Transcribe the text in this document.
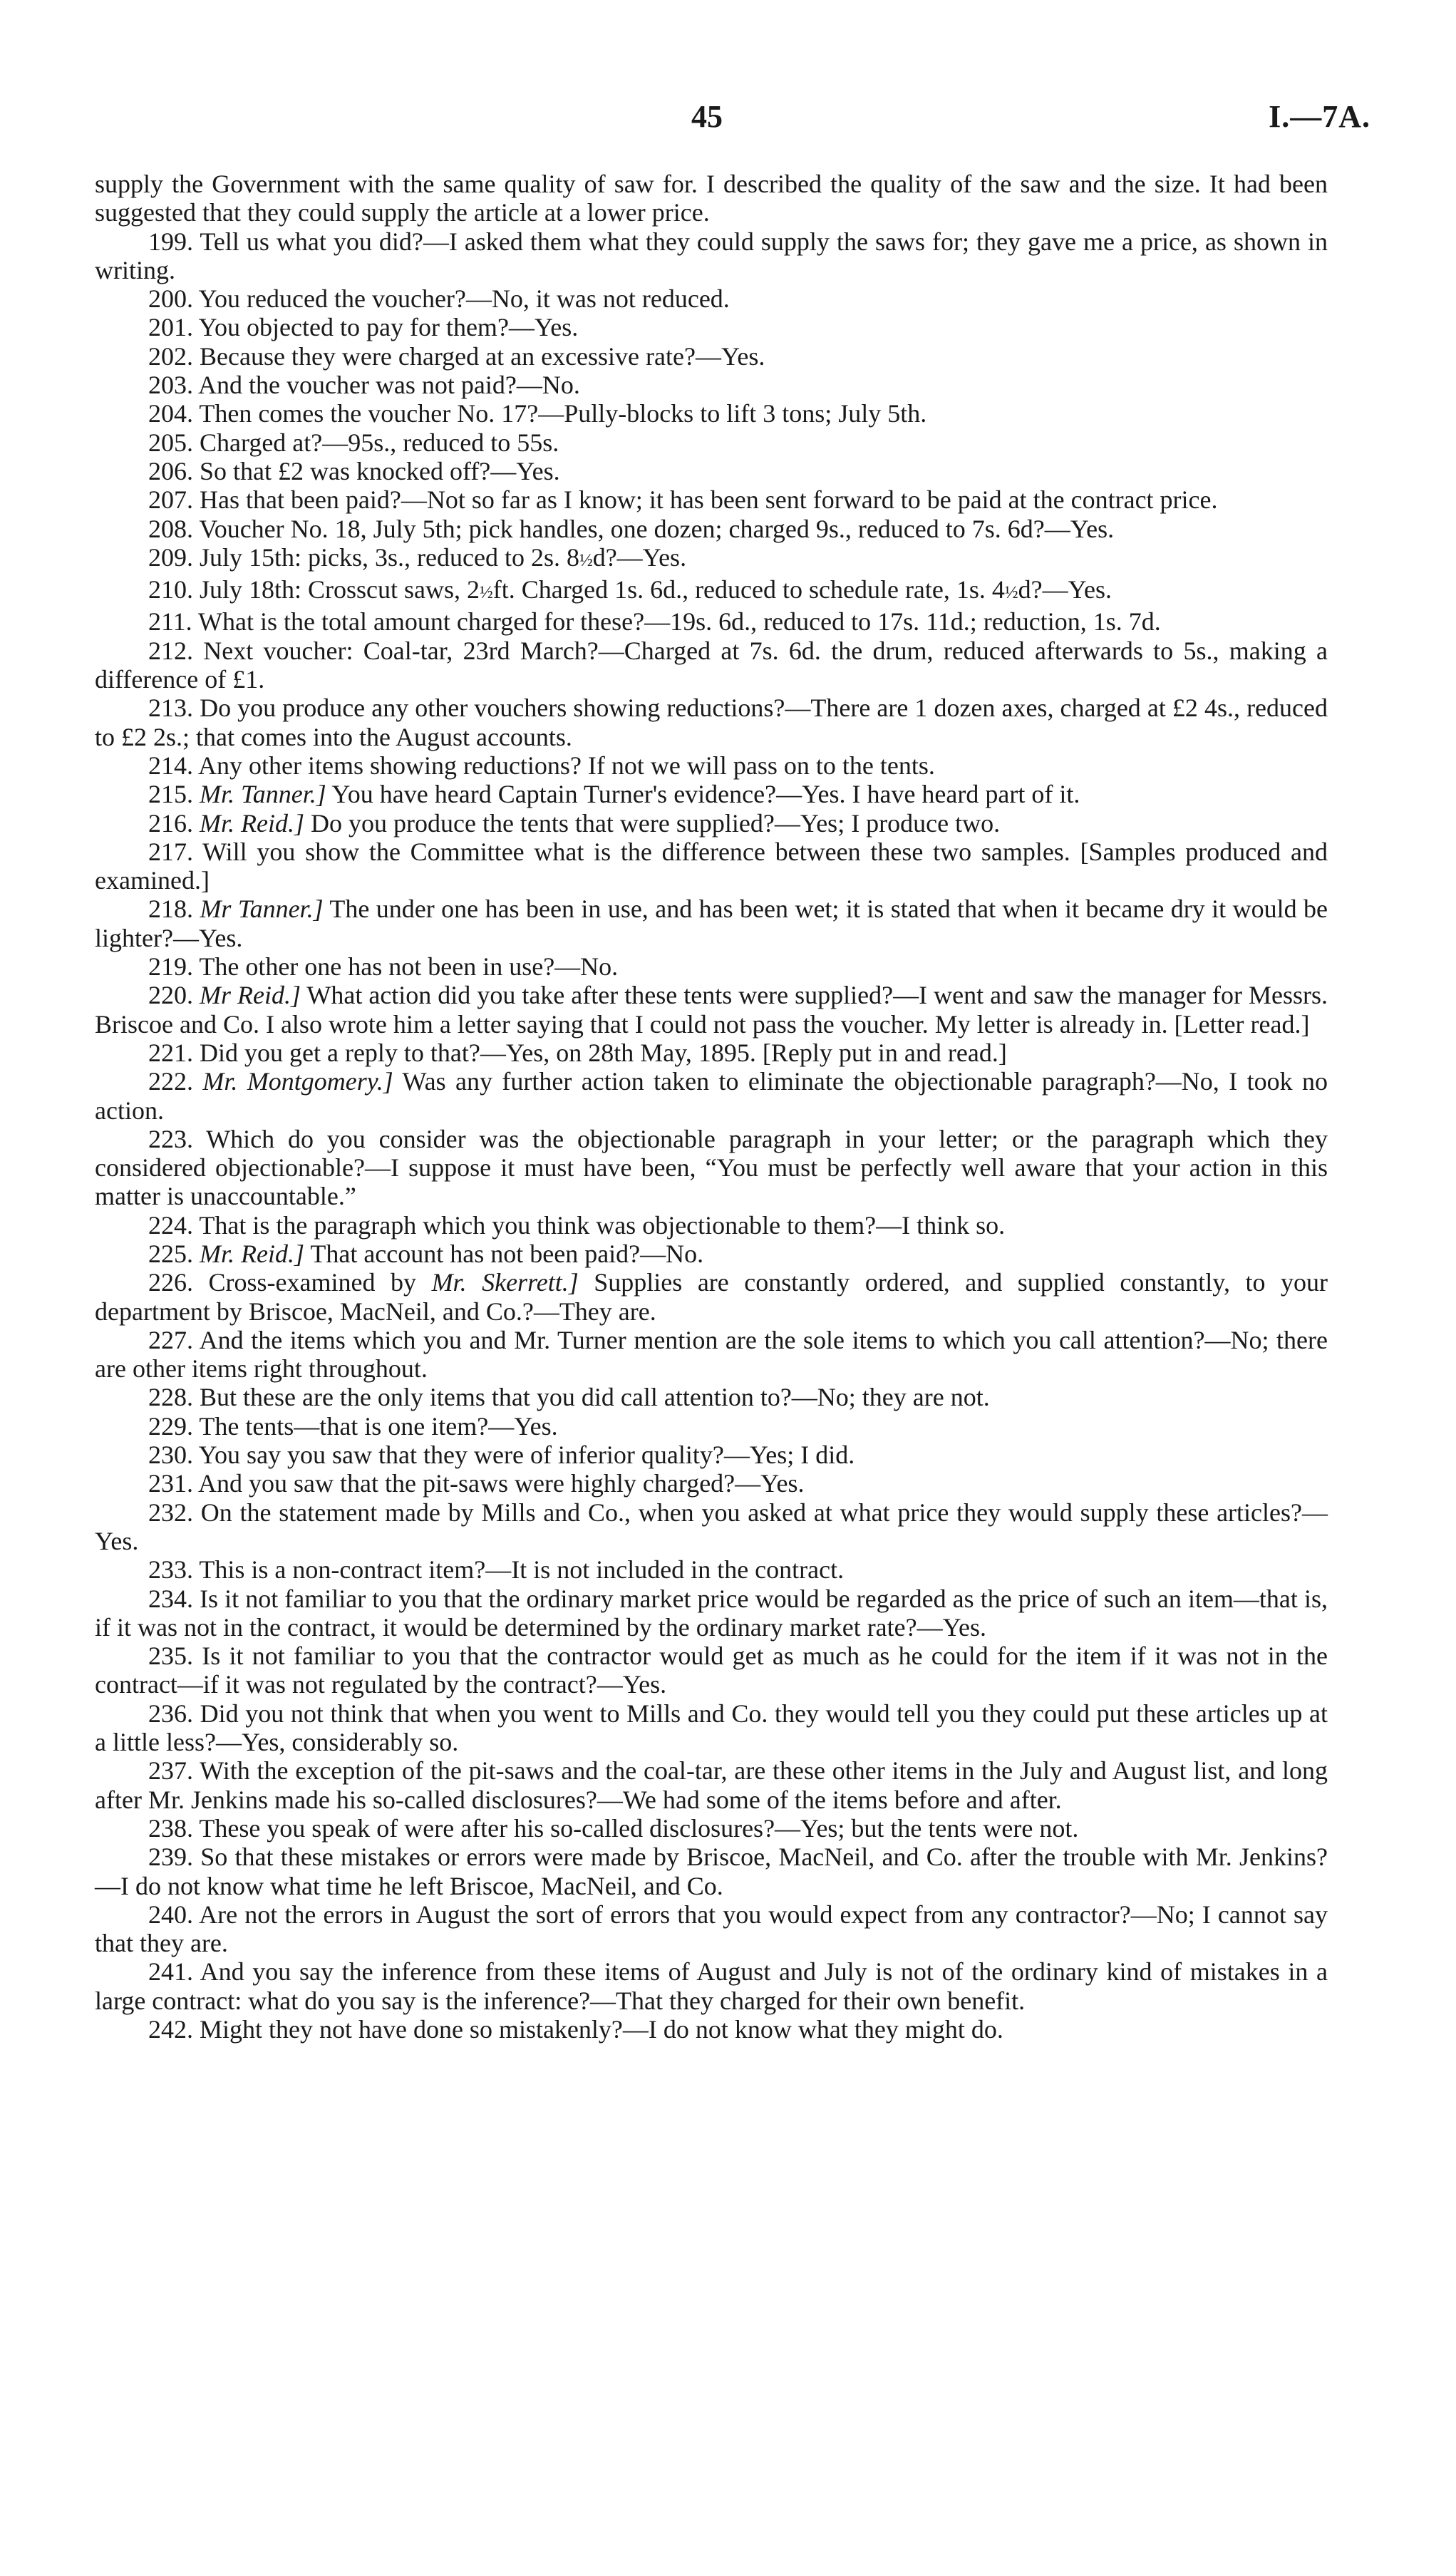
45	I.—7A.

supply the Government with the same quality of saw for. I described the quality of the saw and the size. It had been suggested that they could supply the article at a lower price.

199. Tell us what you did?—I asked them what they could supply the saws for; they gave me a price, as shown in writing.

200. You reduced the voucher?—No, it was not reduced.

201. You objected to pay for them?—Yes.

202. Because they were charged at an excessive rate?—Yes.

203. And the voucher was not paid?—No.

204. Then comes the voucher No. 17?—Pully-blocks to lift 3 tons; July 5th.

205. Charged at?—95s., reduced to 55s.

206. So that £2 was knocked off?—Yes.

207. Has that been paid?—Not so far as I know; it has been sent forward to be paid at the contract price.

208. Voucher No. 18, July 5th; pick handles, one dozen; charged 9s., reduced to 7s. 6d?—Yes.

209. July 15th: picks, 3s., reduced to 2s. 8½d?—Yes.

210. July 18th: Crosscut saws, 2½ft. Charged 1s. 6d., reduced to schedule rate, 1s. 4½d?—Yes.

211. What is the total amount charged for these?—19s. 6d., reduced to 17s. 11d.; reduction, 1s. 7d.

212. Next voucher: Coal-tar, 23rd March?—Charged at 7s. 6d. the drum, reduced afterwards to 5s., making a difference of £1.

213. Do you produce any other vouchers showing reductions?—There are 1 dozen axes, charged at £2 4s., reduced to £2 2s.; that comes into the August accounts.

214. Any other items showing reductions? If not we will pass on to the tents.

215. Mr. Tanner.] You have heard Captain Turner's evidence?—Yes. I have heard part of it.

216. Mr. Reid.] Do you produce the tents that were supplied?—Yes; I produce two.

217. Will you show the Committee what is the difference between these two samples. [Samples produced and examined.]

218. Mr Tanner.] The under one has been in use, and has been wet; it is stated that when it became dry it would be lighter?—Yes.

219. The other one has not been in use?—No.

220. Mr Reid.] What action did you take after these tents were supplied?—I went and saw the manager for Messrs. Briscoe and Co. I also wrote him a letter saying that I could not pass the voucher. My letter is already in. [Letter read.]

221. Did you get a reply to that?—Yes, on 28th May, 1895. [Reply put in and read.]

222. Mr. Montgomery.] Was any further action taken to eliminate the objectionable paragraph?—No, I took no action.

223. Which do you consider was the objectionable paragraph in your letter; or the paragraph which they considered objectionable?—I suppose it must have been, “You must be perfectly well aware that your action in this matter is unaccountable.”

224. That is the paragraph which you think was objectionable to them?—I think so.

225. Mr. Reid.] That account has not been paid?—No.

226. Cross-examined by Mr. Skerrett.] Supplies are constantly ordered, and supplied constantly, to your department by Briscoe, MacNeil, and Co.?—They are.

227. And the items which you and Mr. Turner mention are the sole items to which you call attention?—No; there are other items right throughout.

228. But these are the only items that you did call attention to?—No; they are not.

229. The tents—that is one item?—Yes.

230. You say you saw that they were of inferior quality?—Yes; I did.

231. And you saw that the pit-saws were highly charged?—Yes.

232. On the statement made by Mills and Co., when you asked at what price they would supply these articles?—Yes.

233. This is a non-contract item?—It is not included in the contract.

234. Is it not familiar to you that the ordinary market price would be regarded as the price of such an item—that is, if it was not in the contract, it would be determined by the ordinary market rate?—Yes.

235. Is it not familiar to you that the contractor would get as much as he could for the item if it was not in the contract—if it was not regulated by the contract?—Yes.

236. Did you not think that when you went to Mills and Co. they would tell you they could put these articles up at a little less?—Yes, considerably so.

237. With the exception of the pit-saws and the coal-tar, are these other items in the July and August list, and long after Mr. Jenkins made his so-called disclosures?—We had some of the items before and after.

238. These you speak of were after his so-called disclosures?—Yes; but the tents were not.

239. So that these mistakes or errors were made by Briscoe, MacNeil, and Co. after the trouble with Mr. Jenkins?—I do not know what time he left Briscoe, MacNeil, and Co.

240. Are not the errors in August the sort of errors that you would expect from any contractor?—No; I cannot say that they are.

241. And you say the inference from these items of August and July is not of the ordinary kind of mistakes in a large contract: what do you say is the inference?—That they charged for their own benefit.

242. Might they not have done so mistakenly?—I do not know what they might do.
